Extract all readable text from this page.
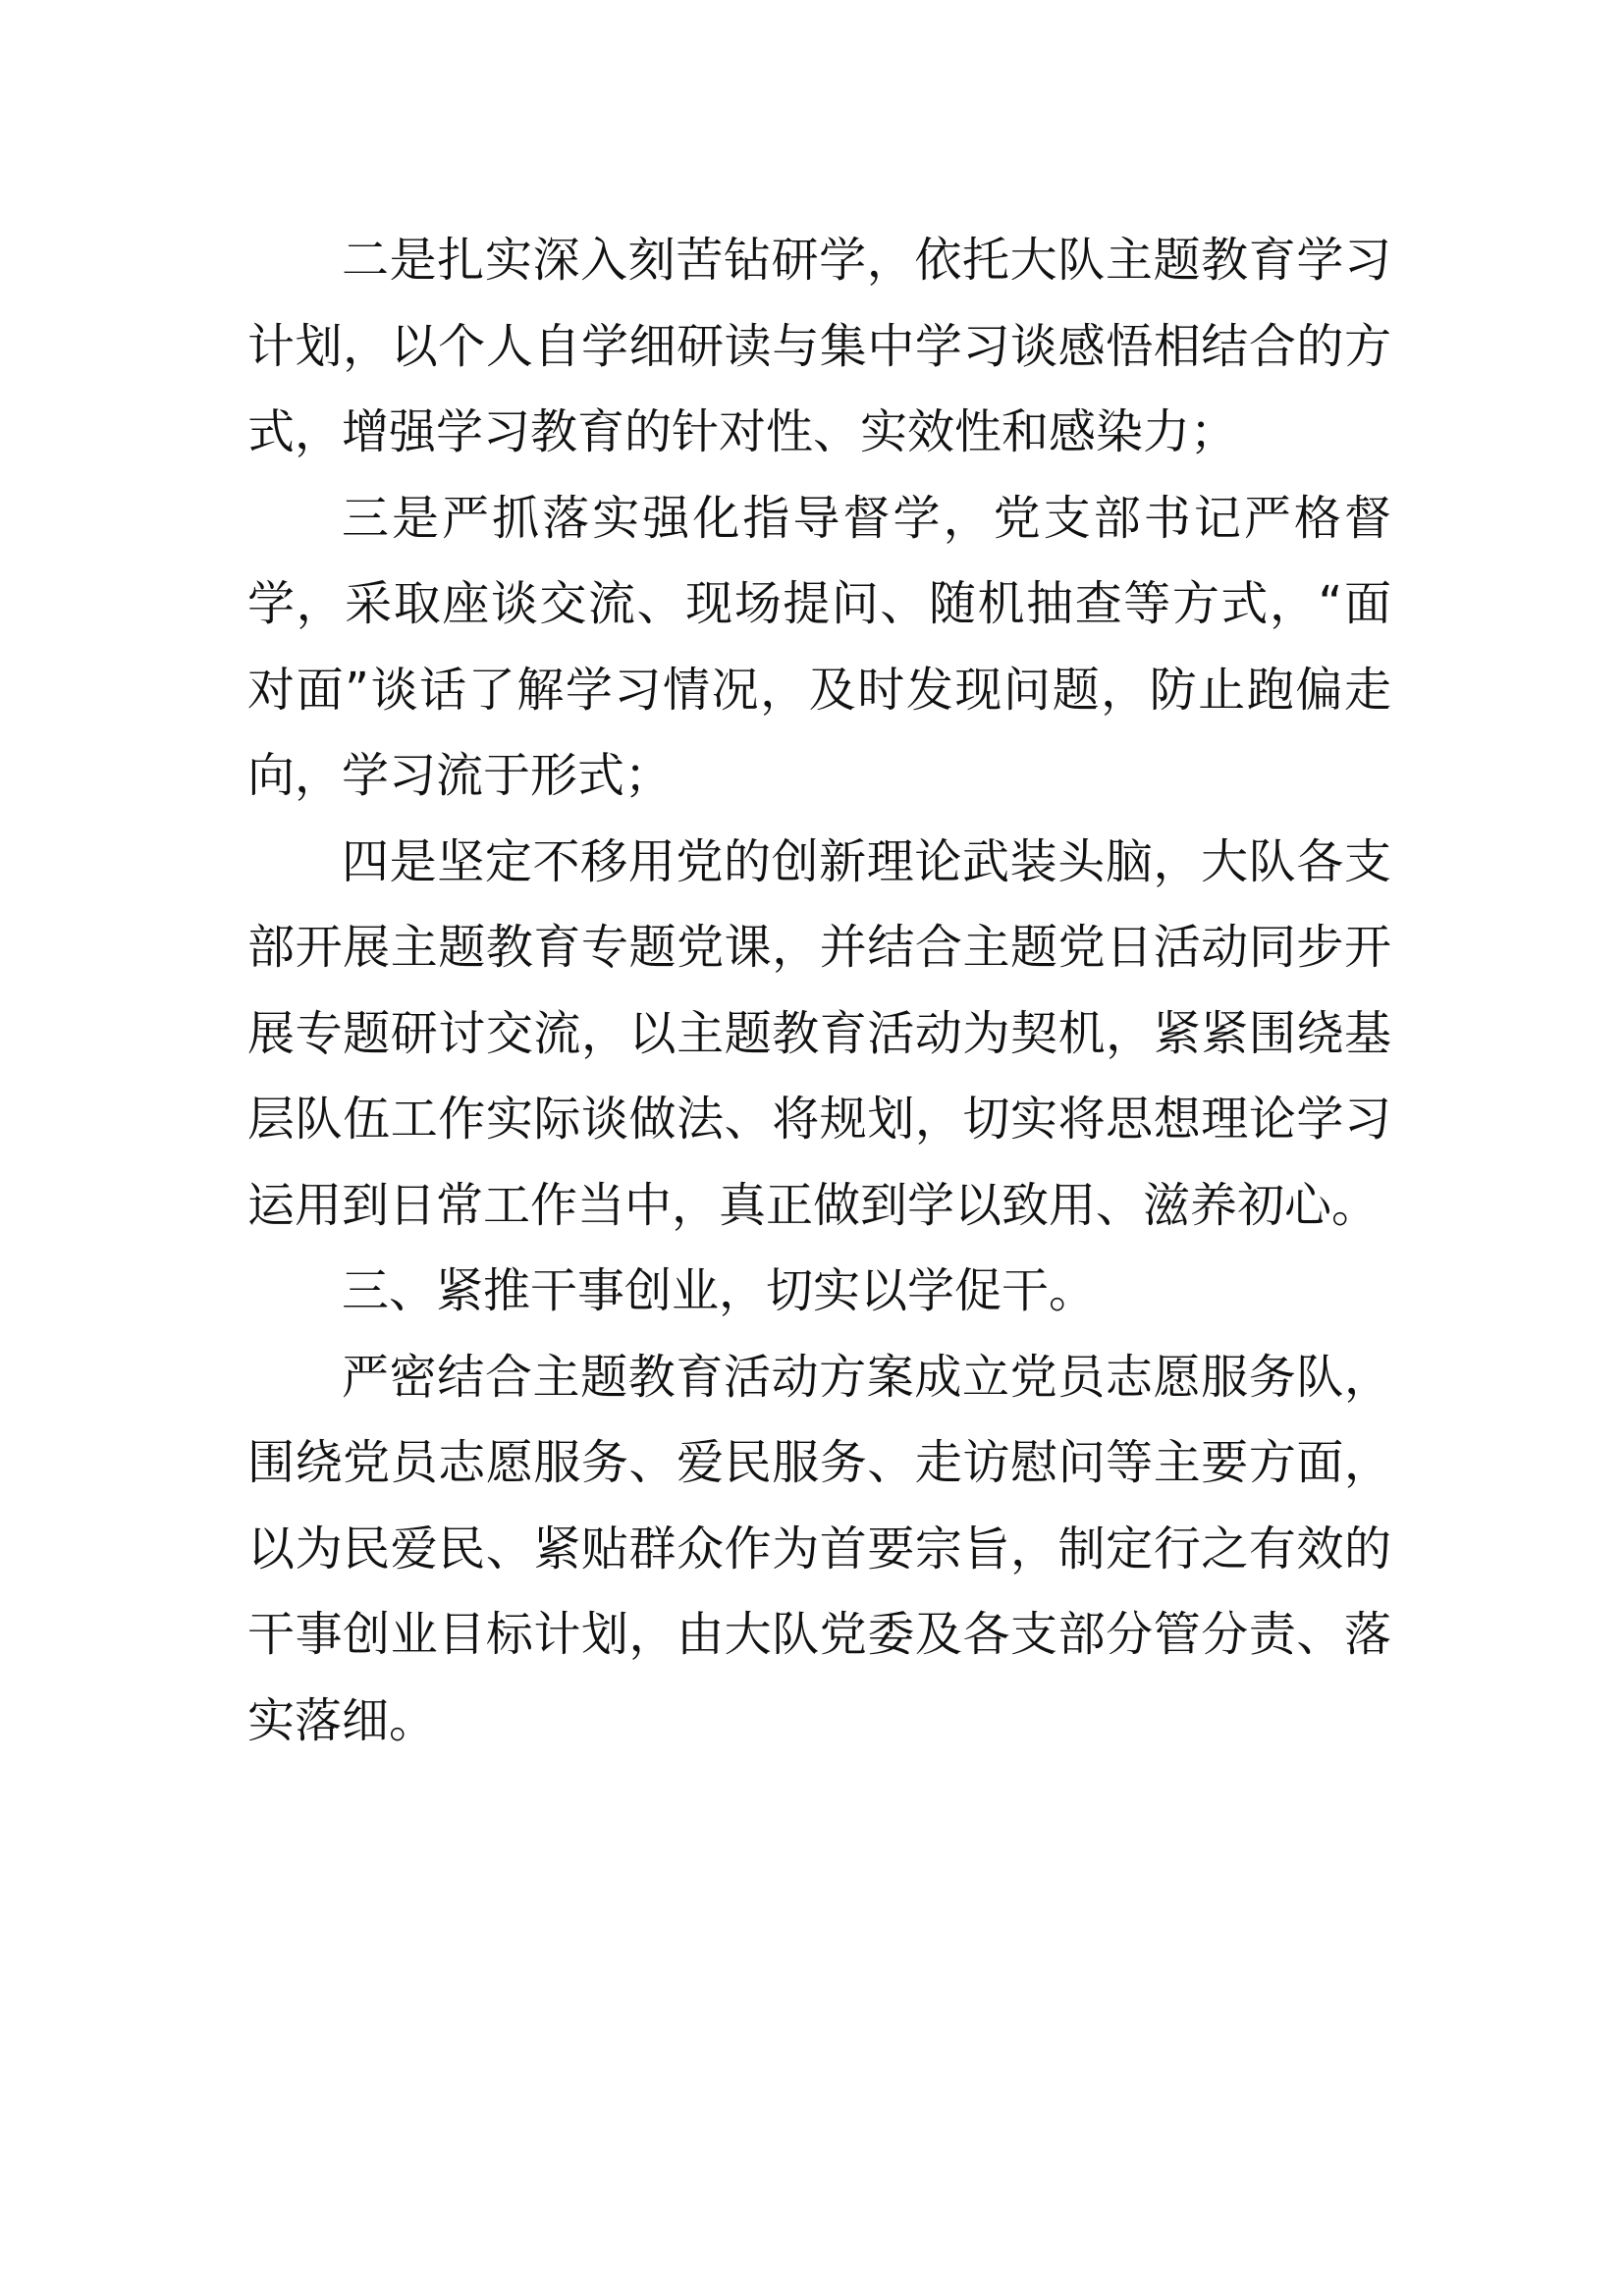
二是扎实深入刻苦钻研学，依托大队主题教育学习计划，以个人自学细研读与集中学习谈感悟相结合的方式，增强学习教育的针对性、实效性和感染力；

三是严抓落实强化指导督学，党支部书记严格督学，采取座谈交流、现场提问、随机抽查等方式，“面对面”谈话了解学习情况，及时发现问题，防止跑偏走向，学习流于形式；

四是坚定不移用党的创新理论武装头脑，大队各支部开展主题教育专题党课，并结合主题党日活动同步开展专题研讨交流，以主题教育活动为契机，紧紧围绕基层队伍工作实际谈做法、将规划，切实将思想理论学习运用到日常工作当中，真正做到学以致用、滋养初心。

三、紧推干事创业，切实以学促干。

严密结合主题教育活动方案成立党员志愿服务队，围绕党员志愿服务、爱民服务、走访慰问等主要方面，以为民爱民、紧贴群众作为首要宗旨，制定行之有效的干事创业目标计划，由大队党委及各支部分管分责、落实落细。
